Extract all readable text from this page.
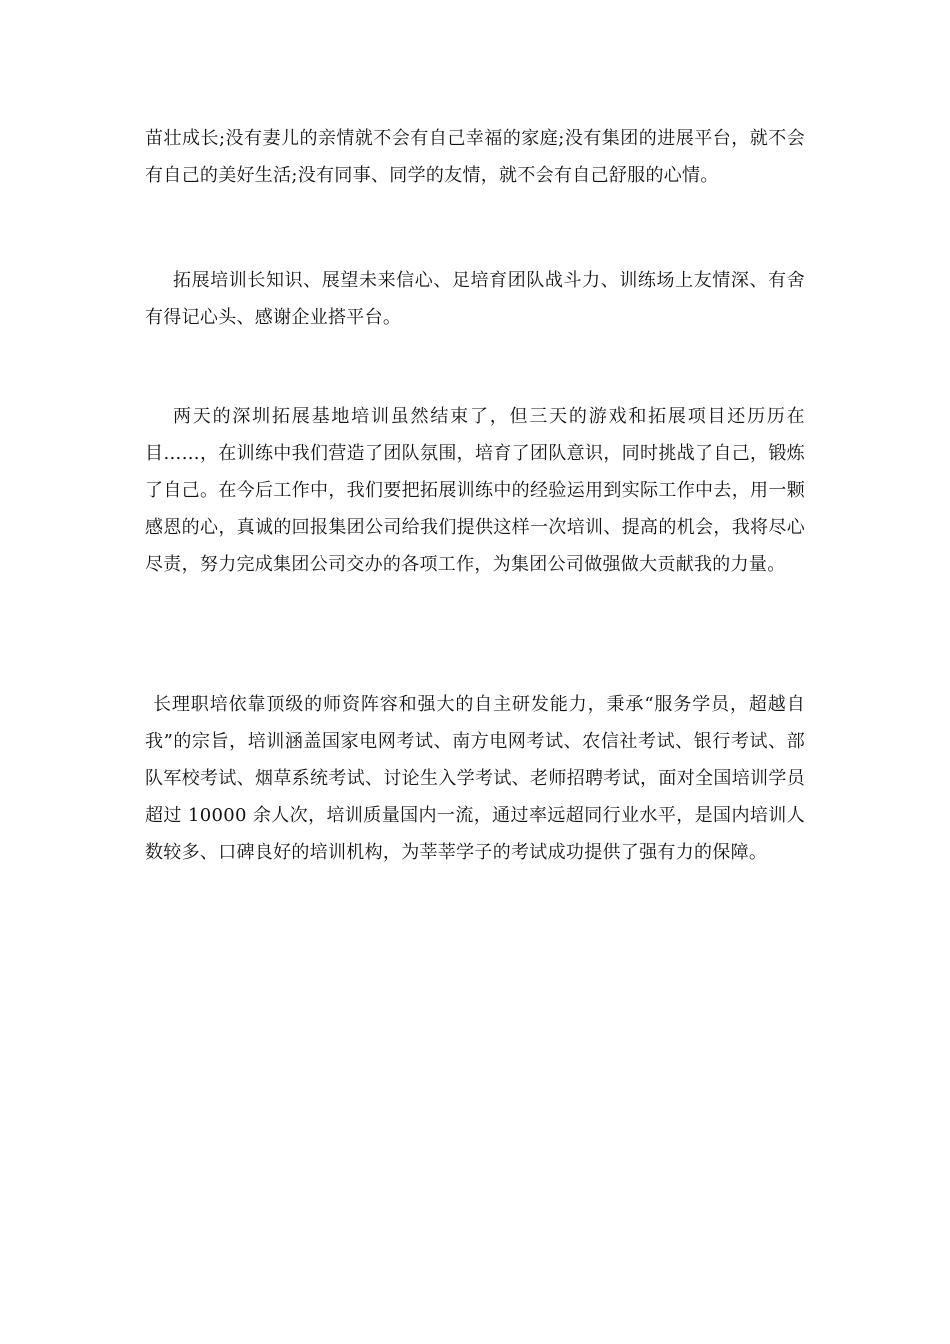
苗壮成长;没有妻儿的亲情就不会有自己幸福的家庭;没有集团的进展平台，就不会有自己的美好生活;没有同事、同学的友情，就不会有自己舒服的心情。

拓展培训长知识、展望未来信心、足培育团队战斗力、训练场上友情深、有舍有得记心头、感谢企业搭平台。

两天的深圳拓展基地培训虽然结束了，但三天的游戏和拓展项目还历历在目……，在训练中我们营造了团队氛围，培育了团队意识，同时挑战了自己，锻炼了自己。在今后工作中，我们要把拓展训练中的经验运用到实际工作中去，用一颗感恩的心，真诚的回报集团公司给我们提供这样一次培训、提高的机会，我将尽心尽责，努力完成集团公司交办的各项工作，为集团公司做强做大贡献我的力量。

长理职培依靠顶级的师资阵容和强大的自主研发能力，秉承“服务学员，超越自我”的宗旨，培训涵盖国家电网考试、南方电网考试、农信社考试、银行考试、部队军校考试、烟草系统考试、讨论生入学考试、老师招聘考试，面对全国培训学员超过 10000 余人次，培训质量国内一流，通过率远超同行业水平，是国内培训人数较多、口碑良好的培训机构，为莘莘学子的考试成功提供了强有力的保障。
